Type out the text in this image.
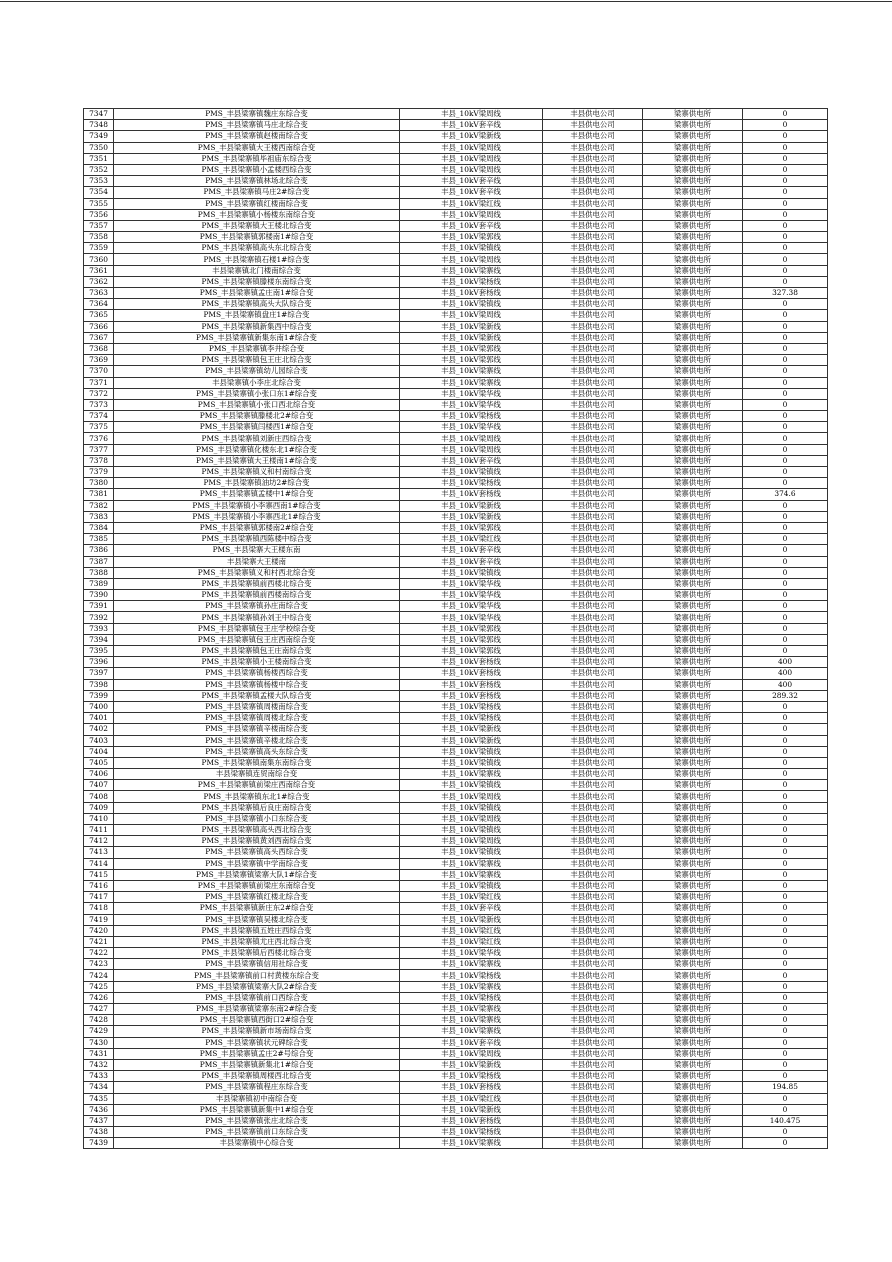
7347	PMS_丰县梁寨镇魏庄东综合变	丰县_10kV梁周线	丰县供电公司	梁寨供电所	0
7348	PMS_丰县梁寨镇马庄北综合变	丰县_10kV套辛线	丰县供电公司	梁寨供电所	0
7349	PMS_丰县梁寨镇赵楼南综合变	丰县_10kV梁新线	丰县供电公司	梁寨供电所	0
7350	PMS_丰县梁寨镇大王楼西南综合变	丰县_10kV梁周线	丰县供电公司	梁寨供电所	0
7351	PMS_丰县梁寨镇毕祖庙东综合变	丰县_10kV梁周线	丰县供电公司	梁寨供电所	0
7352	PMS_丰县梁寨镇小孟楼西综合变	丰县_10kV梁周线	丰县供电公司	梁寨供电所	0
7353	PMS_丰县梁寨镇林场北综合变	丰县_10kV套辛线	丰县供电公司	梁寨供电所	0
7354	PMS_丰县梁寨镇马庄2#综合变	丰县_10kV套辛线	丰县供电公司	梁寨供电所	0
7355	PMS_丰县梁寨镇红楼南综合变	丰县_10kV梁红线	丰县供电公司	梁寨供电所	0
7356	PMS_丰县梁寨镇小杨楼东南综合变	丰县_10kV梁周线	丰县供电公司	梁寨供电所	0
7357	PMS_丰县梁寨镇大王楼北综合变	丰县_10kV套辛线	丰县供电公司	梁寨供电所	0
7358	PMS_丰县梁寨镇郭楼南1#综合变	丰县_10kV梁郭线	丰县供电公司	梁寨供电所	0
7359	PMS_丰县梁寨镇高头东北综合变	丰县_10kV梁镇线	丰县供电公司	梁寨供电所	0
7360	PMS_丰县梁寨镇石楼1#综合变	丰县_10kV梁周线	丰县供电公司	梁寨供电所	0
7361	丰县梁寨镇北门楼南综合变	丰县_10kV梁寨线	丰县供电公司	梁寨供电所	0
7362	PMS_丰县梁寨镇滕楼东南综合变	丰县_10kV梁杨线	丰县供电公司	梁寨供电所	0
7363	PMS_丰县梁寨镇孟庄南1#综合变	丰县_10kV套杨线	丰县供电公司	梁寨供电所	327.38
7364	PMS_丰县梁寨镇高头大队综合变	丰县_10kV梁镇线	丰县供电公司	梁寨供电所	0
7365	PMS_丰县梁寨镇盘庄1#综合变	丰县_10kV梁周线	丰县供电公司	梁寨供电所	0
7366	PMS_丰县梁寨镇新集西中综合变	丰县_10kV梁新线	丰县供电公司	梁寨供电所	0
7367	PMS_丰县梁寨镇新集东南1#综合变	丰县_10kV梁新线	丰县供电公司	梁寨供电所	0
7368	PMS_丰县梁寨镇李井综合变	丰县_10kV梁郭线	丰县供电公司	梁寨供电所	0
7369	PMS_丰县梁寨镇包王庄北综合变	丰县_10kV梁郭线	丰县供电公司	梁寨供电所	0
7370	PMS_丰县梁寨镇幼儿园综合变	丰县_10kV梁寨线	丰县供电公司	梁寨供电所	0
7371	丰县梁寨镇小李庄北综合变	丰县_10kV梁寨线	丰县供电公司	梁寨供电所	0
7372	PMS_丰县梁寨镇小张口东1#综合变	丰县_10kV梁华线	丰县供电公司	梁寨供电所	0
7373	PMS_丰县梁寨镇小张口西北综合变	丰县_10kV梁华线	丰县供电公司	梁寨供电所	0
7374	PMS_丰县梁寨镇滕楼北2#综合变	丰县_10kV梁杨线	丰县供电公司	梁寨供电所	0
7375	PMS_丰县梁寨镇闫楼西1#综合变	丰县_10kV梁华线	丰县供电公司	梁寨供电所	0
7376	PMS_丰县梁寨镇刘新庄西综合变	丰县_10kV梁周线	丰县供电公司	梁寨供电所	0
7377	PMS_丰县梁寨镇化楼东北1#综合变	丰县_10kV梁周线	丰县供电公司	梁寨供电所	0
7378	PMS_丰县梁寨镇大王楼南1#综合变	丰县_10kV套辛线	丰县供电公司	梁寨供电所	0
7379	PMS_丰县梁寨镇义和村南综合变	丰县_10kV梁镇线	丰县供电公司	梁寨供电所	0
7380	PMS_丰县梁寨镇油坊2#综合变	丰县_10kV梁杨线	丰县供电公司	梁寨供电所	0
7381	PMS_丰县梁寨镇孟楼中1#综合变	丰县_10kV套杨线	丰县供电公司	梁寨供电所	374.6
7382	PMS_丰县梁寨镇小李寨西南1#综合变	丰县_10kV梁新线	丰县供电公司	梁寨供电所	0
7383	PMS_丰县梁寨镇小李寨西北1#综合变	丰县_10kV梁新线	丰县供电公司	梁寨供电所	0
7384	PMS_丰县梁寨镇郭楼南2#综合变	丰县_10kV梁郭线	丰县供电公司	梁寨供电所	0
7385	PMS_丰县梁寨镇西陈楼中综合变	丰县_10kV梁红线	丰县供电公司	梁寨供电所	0
7386	PMS_丰县梁寨大王楼东南	丰县_10kV套辛线	丰县供电公司	梁寨供电所	0
7387	丰县梁寨大王楼南	丰县_10kV套辛线	丰县供电公司	梁寨供电所	0
7388	PMS_丰县梁寨镇义和村西北综合变	丰县_10kV梁镇线	丰县供电公司	梁寨供电所	0
7389	PMS_丰县梁寨镇前西楼北综合变	丰县_10kV梁华线	丰县供电公司	梁寨供电所	0
7390	PMS_丰县梁寨镇前西楼南综合变	丰县_10kV梁华线	丰县供电公司	梁寨供电所	0
7391	PMS_丰县梁寨镇孙庄南综合变	丰县_10kV梁华线	丰县供电公司	梁寨供电所	0
7392	PMS_丰县梁寨镇孙刘王中综合变	丰县_10kV梁华线	丰县供电公司	梁寨供电所	0
7393	PMS_丰县梁寨镇包王庄学校综合变	丰县_10kV梁郭线	丰县供电公司	梁寨供电所	0
7394	PMS_丰县梁寨镇包王庄西南综合变	丰县_10kV梁郭线	丰县供电公司	梁寨供电所	0
7395	PMS_丰县梁寨镇包王庄南综合变	丰县_10kV梁郭线	丰县供电公司	梁寨供电所	0
7396	PMS_丰县梁寨镇小王楼南综合变	丰县_10kV套杨线	丰县供电公司	梁寨供电所	400
7397	PMS_丰县梁寨镇杨楼西综合变	丰县_10kV套杨线	丰县供电公司	梁寨供电所	400
7398	PMS_丰县梁寨镇杨楼中综合变	丰县_10kV套杨线	丰县供电公司	梁寨供电所	400
7399	PMS_丰县梁寨镇孟楼大队综合变	丰县_10kV套杨线	丰县供电公司	梁寨供电所	289.32
7400	PMS_丰县梁寨镇周楼南综合变	丰县_10kV梁杨线	丰县供电公司	梁寨供电所	0
7401	PMS_丰县梁寨镇周楼北综合变	丰县_10kV梁杨线	丰县供电公司	梁寨供电所	0
7402	PMS_丰县梁寨镇辛楼南综合变	丰县_10kV梁新线	丰县供电公司	梁寨供电所	0
7403	PMS_丰县梁寨镇辛楼北综合变	丰县_10kV梁新线	丰县供电公司	梁寨供电所	0
7404	PMS_丰县梁寨镇高头东综合变	丰县_10kV梁镇线	丰县供电公司	梁寨供电所	0
7405	PMS_丰县梁寨镇南集东南综合变	丰县_10kV梁镇线	丰县供电公司	梁寨供电所	0
7406	丰县梁寨镇连贸南综合变	丰县_10kV梁寨线	丰县供电公司	梁寨供电所	0
7407	PMS_丰县梁寨镇前梁庄西南综合变	丰县_10kV梁镇线	丰县供电公司	梁寨供电所	0
7408	PMS_丰县梁寨镇东北1#综合变	丰县_10kV梁周线	丰县供电公司	梁寨供电所	0
7409	PMS_丰县梁寨镇后良庄南综合变	丰县_10kV梁镇线	丰县供电公司	梁寨供电所	0
7410	PMS_丰县梁寨镇小口东综合变	丰县_10kV梁周线	丰县供电公司	梁寨供电所	0
7411	PMS_丰县梁寨镇高头西北综合变	丰县_10kV梁镇线	丰县供电公司	梁寨供电所	0
7412	PMS_丰县梁寨镇黄刘西南综合变	丰县_10kV梁周线	丰县供电公司	梁寨供电所	0
7413	PMS_丰县梁寨镇高头西综合变	丰县_10kV梁镇线	丰县供电公司	梁寨供电所	0
7414	PMS_丰县梁寨镇中学南综合变	丰县_10kV梁寨线	丰县供电公司	梁寨供电所	0
7415	PMS_丰县梁寨镇梁寨大队1#综合变	丰县_10kV梁寨线	丰县供电公司	梁寨供电所	0
7416	PMS_丰县梁寨镇前梁庄东南综合变	丰县_10kV梁镇线	丰县供电公司	梁寨供电所	0
7417	PMS_丰县梁寨镇红楼北综合变	丰县_10kV梁红线	丰县供电公司	梁寨供电所	0
7418	PMS_丰县梁寨镇新庄东2#综合变	丰县_10kV套辛线	丰县供电公司	梁寨供电所	0
7419	PMS_丰县梁寨镇吴楼北综合变	丰县_10kV梁新线	丰县供电公司	梁寨供电所	0
7420	PMS_丰县梁寨镇五姓庄西综合变	丰县_10kV梁红线	丰县供电公司	梁寨供电所	0
7421	PMS_丰县梁寨镇尤庄西北综合变	丰县_10kV梁红线	丰县供电公司	梁寨供电所	0
7422	PMS_丰县梁寨镇后西楼北综合变	丰县_10kV梁华线	丰县供电公司	梁寨供电所	0
7423	PMS_丰县梁寨镇信用社综合变	丰县_10kV梁寨线	丰县供电公司	梁寨供电所	0
7424	PMS_丰县梁寨镇前口村黄楼东综合变	丰县_10kV梁杨线	丰县供电公司	梁寨供电所	0
7425	PMS_丰县梁寨镇梁寨大队2#综合变	丰县_10kV梁寨线	丰县供电公司	梁寨供电所	0
7426	PMS_丰县梁寨镇前口西综合变	丰县_10kV梁杨线	丰县供电公司	梁寨供电所	0
7427	PMS_丰县梁寨镇梁寨东南2#综合变	丰县_10kV梁寨线	丰县供电公司	梁寨供电所	0
7428	PMS_丰县梁寨镇西街口2#综合变	丰县_10kV梁寨线	丰县供电公司	梁寨供电所	0
7429	PMS_丰县梁寨镇新市场南综合变	丰县_10kV梁寨线	丰县供电公司	梁寨供电所	0
7430	PMS_丰县梁寨镇状元碑综合变	丰县_10kV套辛线	丰县供电公司	梁寨供电所	0
7431	PMS_丰县梁寨镇孟庄2#号综合变	丰县_10kV梁周线	丰县供电公司	梁寨供电所	0
7432	PMS_丰县梁寨镇新集北1#综合变	丰县_10kV梁新线	丰县供电公司	梁寨供电所	0
7433	PMS_丰县梁寨镇周楼西北综合变	丰县_10kV梁杨线	丰县供电公司	梁寨供电所	0
7434	PMS_丰县梁寨镇程庄东综合变	丰县_10kV套杨线	丰县供电公司	梁寨供电所	194.85
7435	丰县梁寨镇初中南综合变	丰县_10kV梁红线	丰县供电公司	梁寨供电所	0
7436	PMS_丰县梁寨镇新集中1#综合变	丰县_10kV梁新线	丰县供电公司	梁寨供电所	0
7437	PMS_丰县梁寨镇张庄北综合变	丰县_10kV套杨线	丰县供电公司	梁寨供电所	140.475
7438	PMS_丰县梁寨镇前口东综合变	丰县_10kV梁杨线	丰县供电公司	梁寨供电所	0
7439	丰县梁寨镇中心综合变	丰县_10kV梁寨线	丰县供电公司	梁寨供电所	0
